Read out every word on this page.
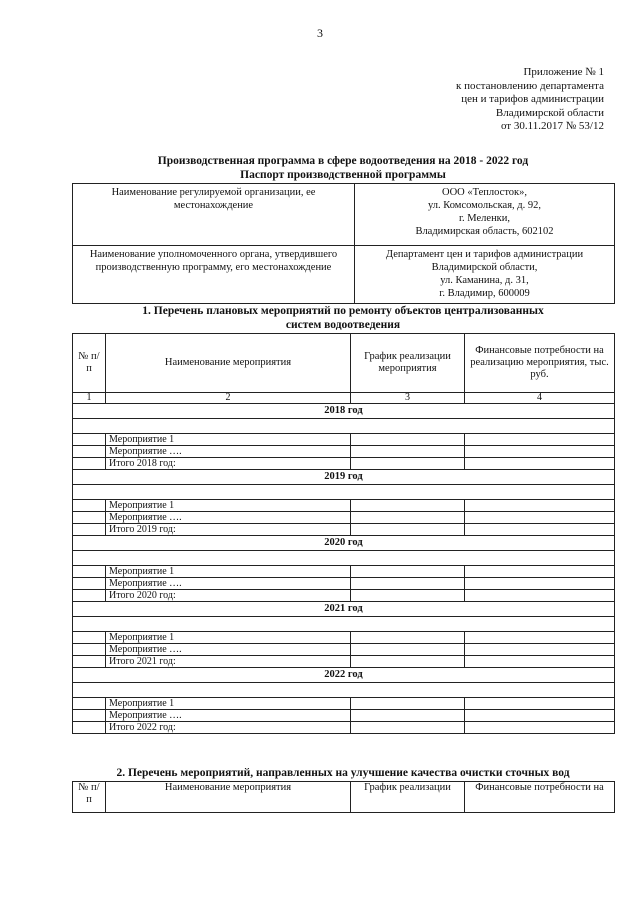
3
Приложение № 1
к постановлению департамента
цен и тарифов администрации
Владимирской области
от 30.11.2017 № 53/12
Производственная программа в сфере водоотведения на 2018 - 2022 год
Паспорт производственной программы
Наименование регулируемой организации, ее местонахождение	ООО «Теплосток»,
ул. Комсомольская, д. 92,
г. Меленки,
Владимирская область, 602102

Наименование уполномоченного органа, утвердившего производственную программу, его местонахождение	Департамент цен и тарифов администрации
Владимирской области,
ул. Каманина, д. 31,
г. Владимир, 600009
1. Перечень плановых мероприятий по ремонту объектов централизованных
систем водоотведения
№ п/п	Наименование мероприятия	График реализации мероприятия	Финансовые потребности на реализацию мероприятия, тыс. руб.
1	2	3	4
2018 год			

	Мероприятие 1		
	Мероприятие ….		
	Итого 2018 год:		
2019 год			

	Мероприятие 1		
	Мероприятие ….		
	Итого 2019 год:		
2020 год			

	Мероприятие 1		
	Мероприятие ….		
	Итого 2020 год:		
2021 год			

	Мероприятие 1		
	Мероприятие ….		
	Итого 2021 год:		
2022 год			

	Мероприятие 1		
	Мероприятие ….		
	Итого 2022 год:		
2. Перечень мероприятий, направленных на улучшение качества очистки сточных вод
№ п/п	Наименование мероприятия	График реализации	Финансовые потребности на
